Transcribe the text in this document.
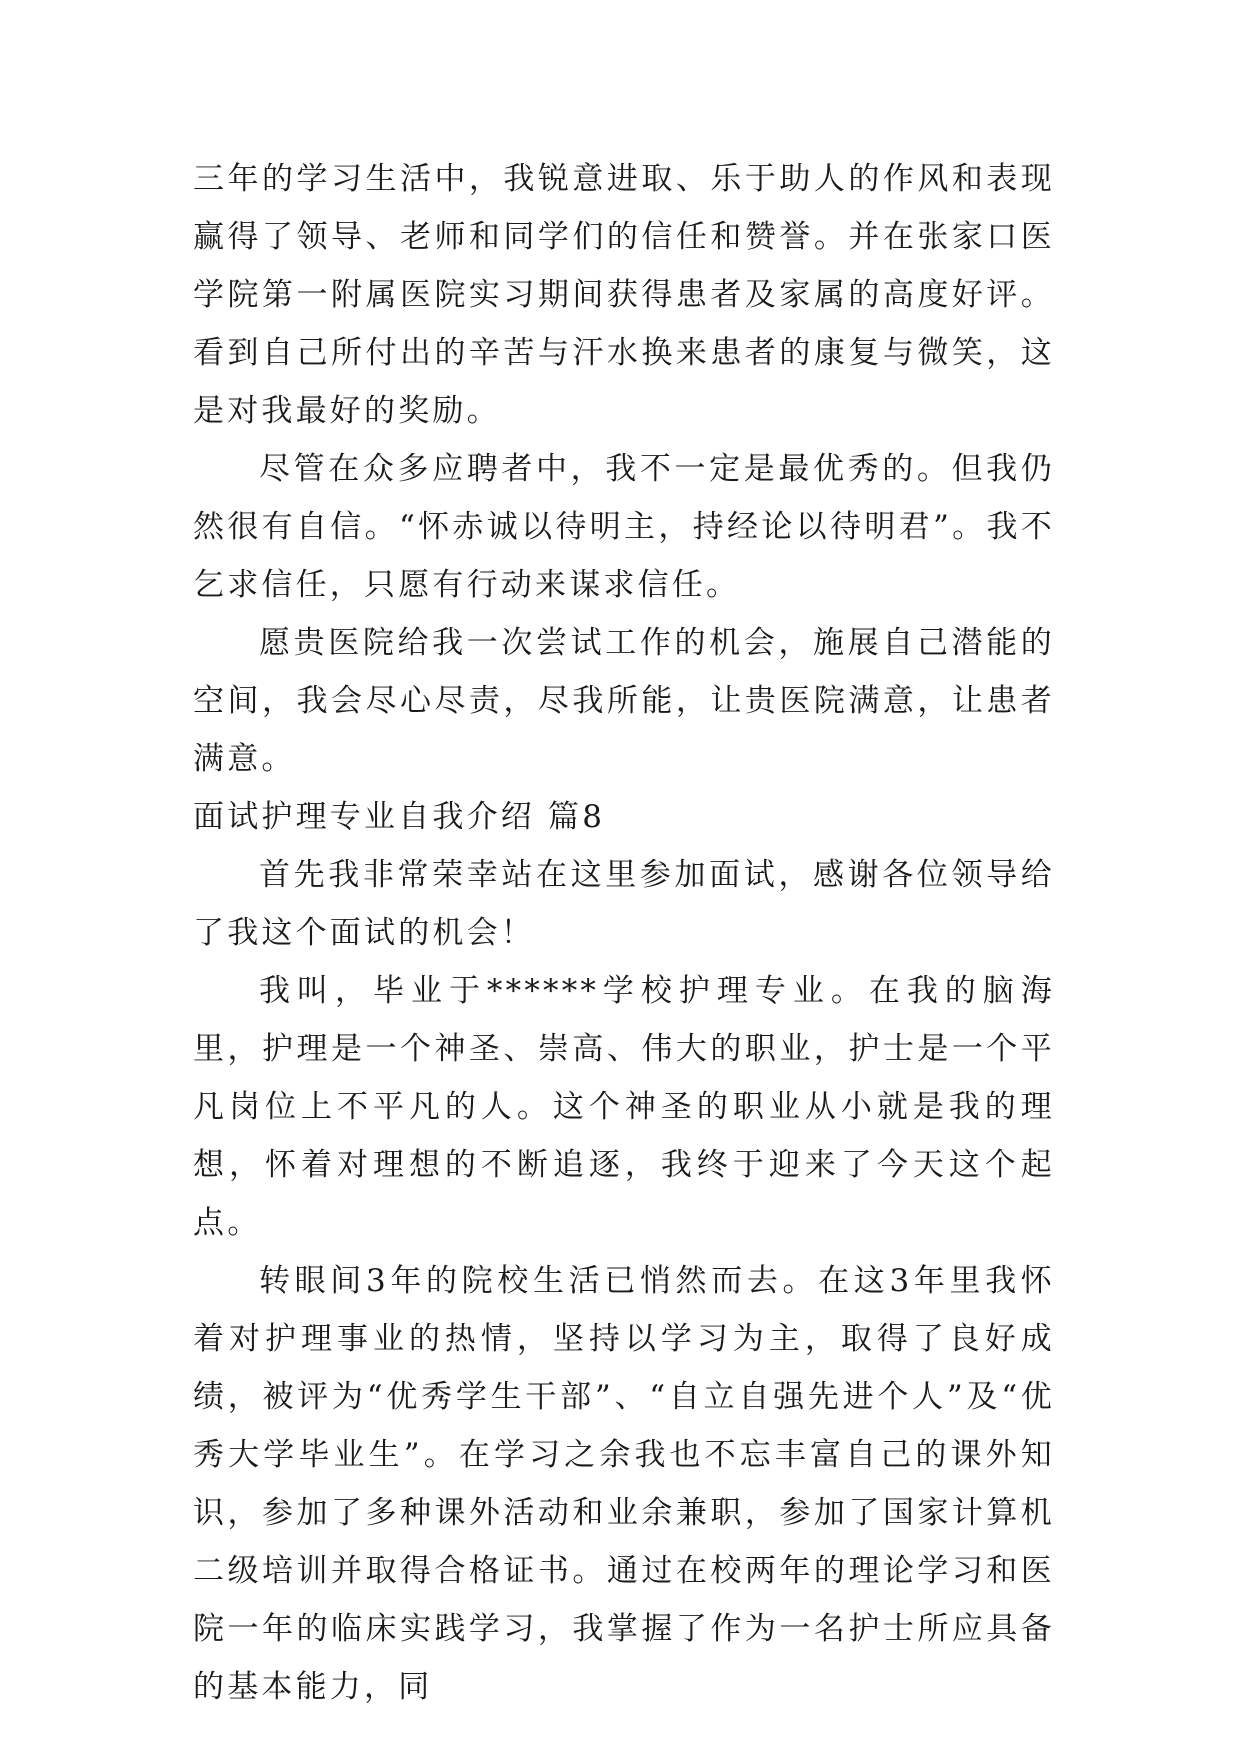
三年的学习生活中，我锐意进取、乐于助人的作风和表现赢得了领导、老师和同学们的信任和赞誉。并在张家口医学院第一附属医院实习期间获得患者及家属的高度好评。看到自己所付出的辛苦与汗水换来患者的康复与微笑，这是对我最好的奖励。

尽管在众多应聘者中，我不一定是最优秀的。但我仍然很有自信。“怀赤诚以待明主，持经论以待明君”。我不乞求信任，只愿有行动来谋求信任。

愿贵医院给我一次尝试工作的机会，施展自己潜能的空间，我会尽心尽责，尽我所能，让贵医院满意，让患者满意。

面试护理专业自我介绍 篇8

首先我非常荣幸站在这里参加面试，感谢各位领导给了我这个面试的机会！

我叫，毕业于******学校护理专业。在我的脑海里，护理是一个神圣、崇高、伟大的职业，护士是一个平凡岗位上不平凡的人。这个神圣的职业从小就是我的理想，怀着对理想的不断追逐，我终于迎来了今天这个起点。

转眼间3年的院校生活已悄然而去。在这3年里我怀着对护理事业的热情，坚持以学习为主，取得了良好成绩，被评为“优秀学生干部”、“自立自强先进个人”及“优秀大学毕业生”。在学习之余我也不忘丰富自己的课外知识，参加了多种课外活动和业余兼职，参加了国家计算机二级培训并取得合格证书。通过在校两年的理论学习和医院一年的临床实践学习，我掌握了作为一名护士所应具备的基本能力，同
